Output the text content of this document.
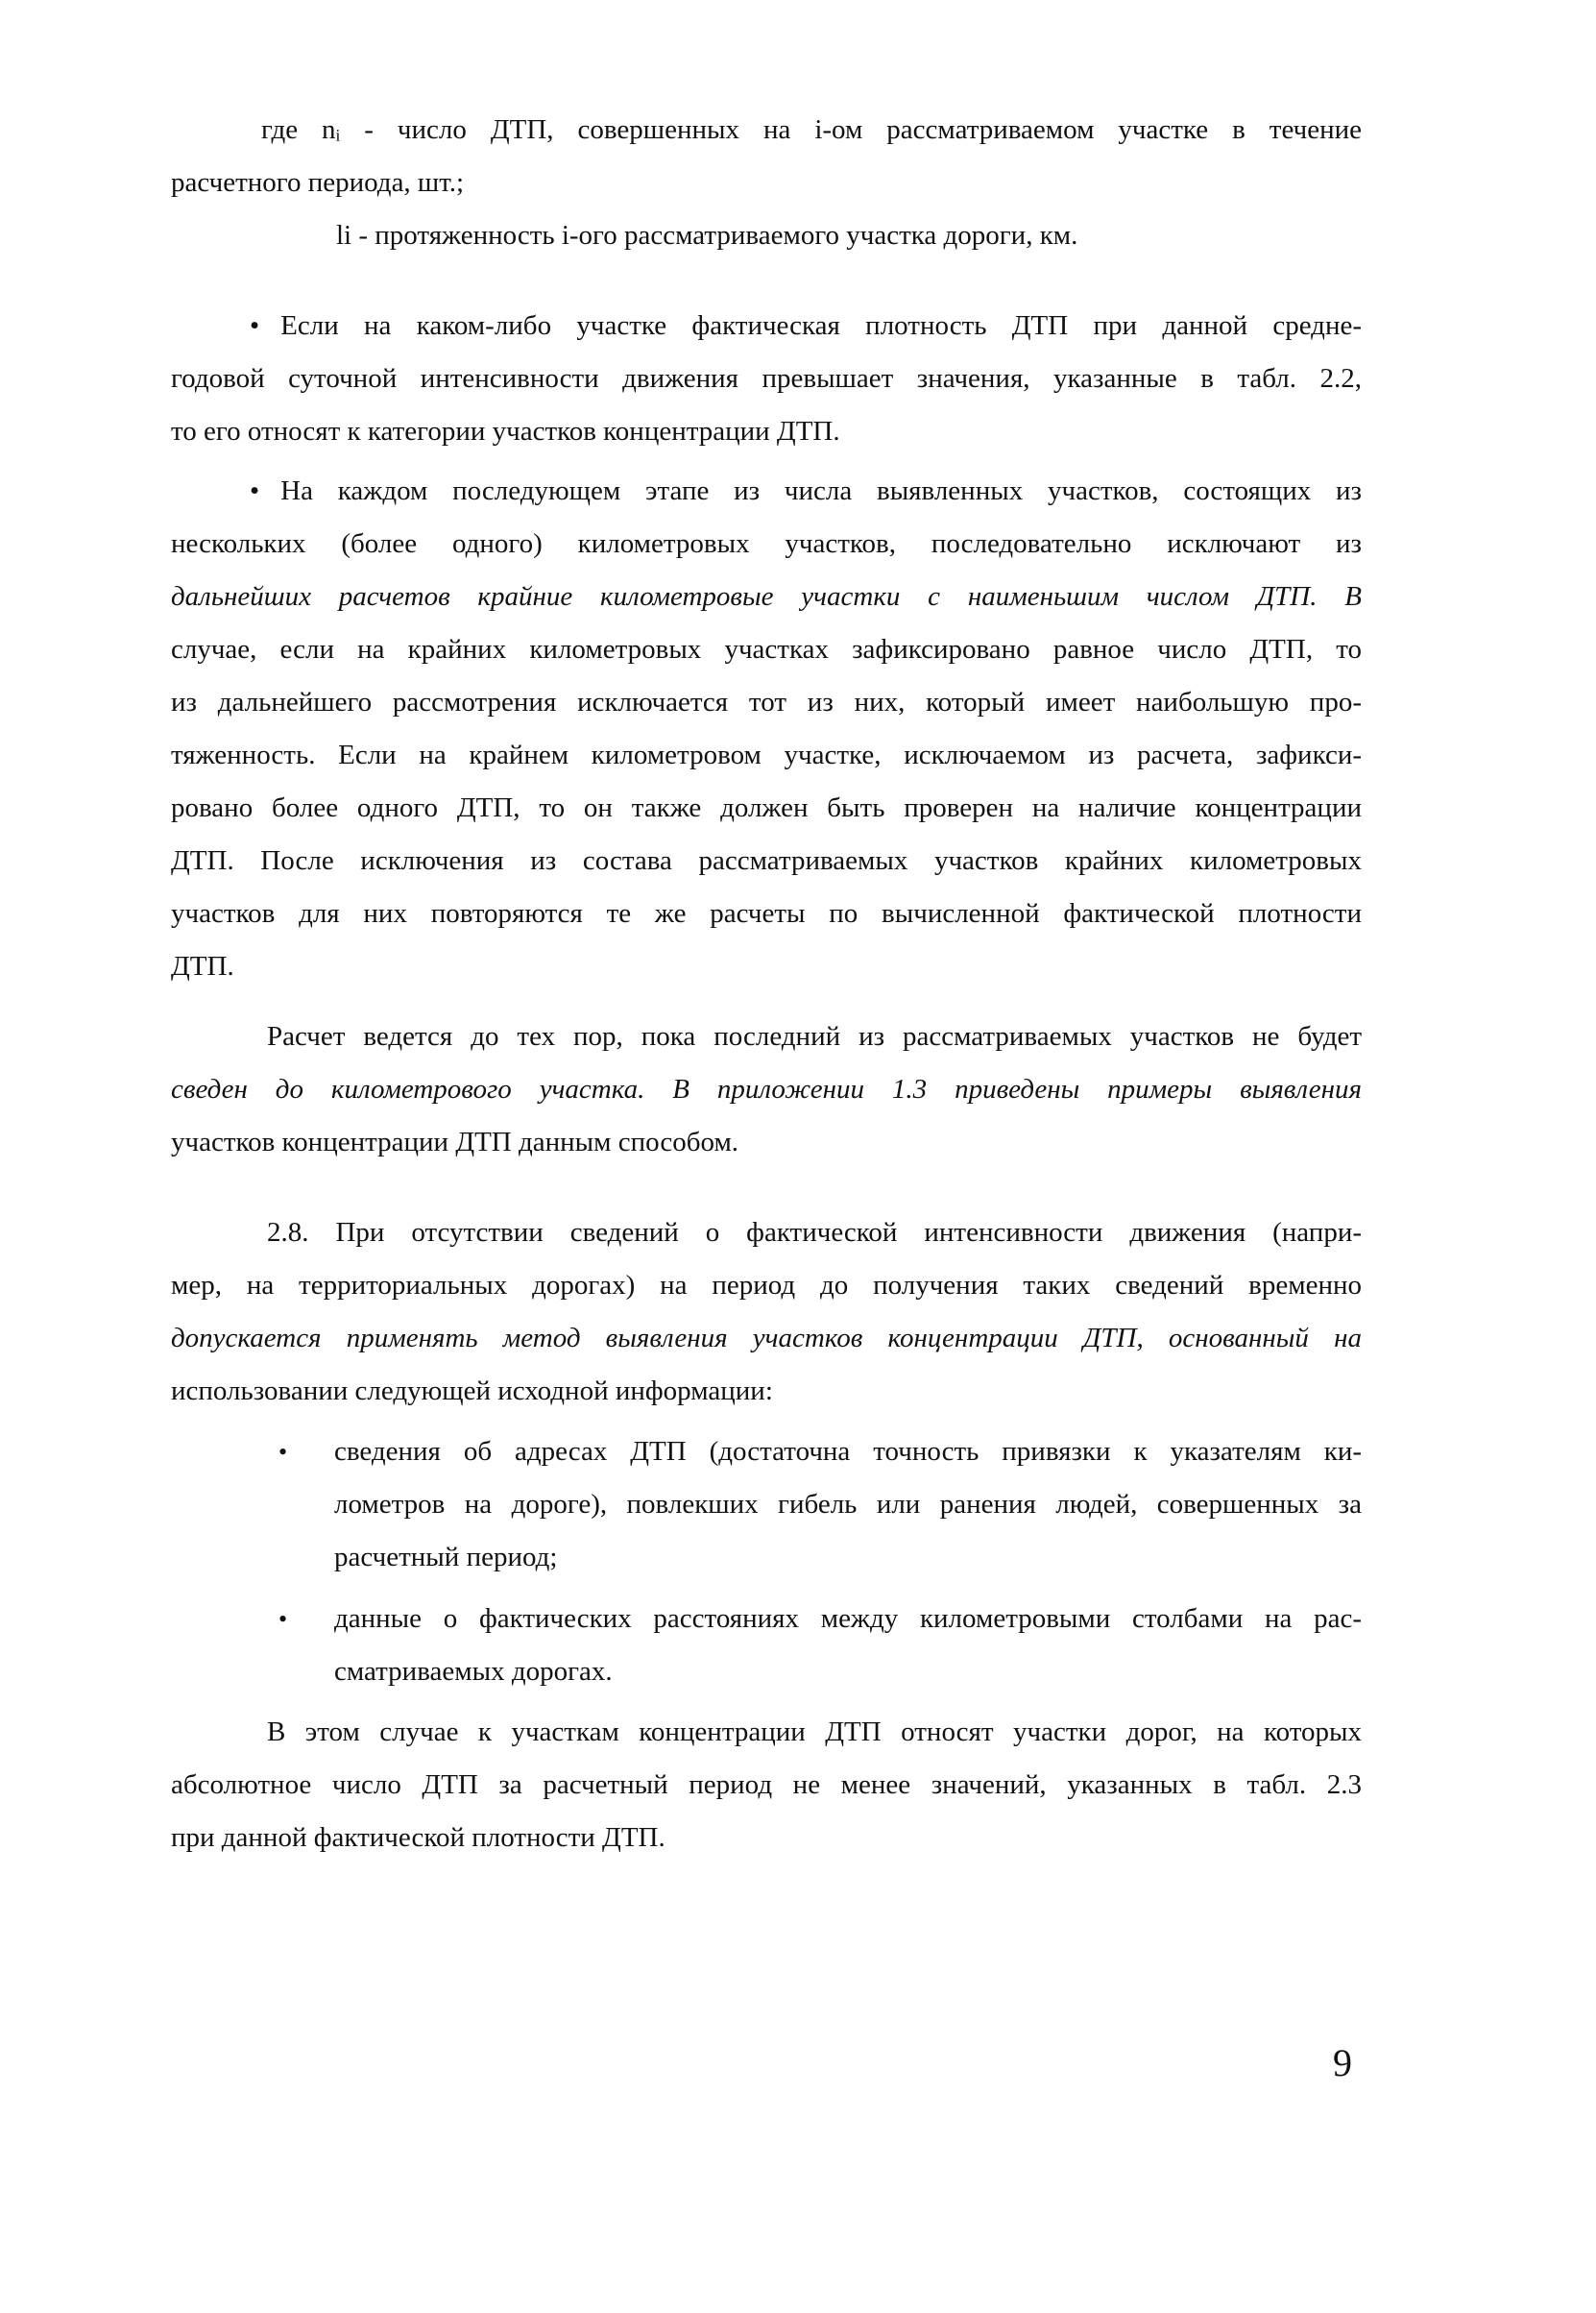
где nᵢ - число ДТП, совершенных на i-ом рассматриваемом участке в течение
расчетного периода, шт.;
li - протяженность i-ого рассматриваемого участка дороги, км.
• Если на каком-либо участке фактическая плотность ДТП при данной средне-
годовой суточной интенсивности движения превышает значения, указанные в табл. 2.2,
то его относят к категории участков концентрации ДТП.
• На каждом последующем этапе из числа выявленных участков, состоящих из
нескольких (более одного) километровых участков, последовательно исключают из
дальнейших расчетов крайние километровые участки с наименьшим числом ДТП. В
случае, если на крайних километровых участках зафиксировано равное число ДТП, то
из дальнейшего рассмотрения исключается тот из них, который имеет наибольшую про-
тяженность. Если на крайнем километровом участке, исключаемом из расчета, зафикси-
ровано более одного ДТП, то он также должен быть проверен на наличие концентрации
ДТП. После исключения из состава рассматриваемых участков крайних километровых
участков для них повторяются те же расчеты по вычисленной фактической плотности
ДТП.
Расчет ведется до тех пор, пока последний из рассматриваемых участков не будет
сведен до километрового участка. В приложении 1.3 приведены примеры выявления
участков концентрации ДТП данным способом.
2.8. При отсутствии сведений о фактической интенсивности движения (напри-
мер, на территориальных дорогах) на период до получения таких сведений временно
допускается применять метод выявления участков концентрации ДТП, основанный на
использовании следующей исходной информации:
• сведения об адресах ДТП (достаточна точность привязки к указателям ки-
лометров на дороге), повлекших гибель или ранения людей, совершенных за
расчетный период;
• данные о фактических расстояниях между километровыми столбами на рас-
сматриваемых дорогах.
В этом случае к участкам концентрации ДТП относят участки дорог, на которых
абсолютное число ДТП за расчетный период не менее значений, указанных в табл. 2.3
при данной фактической плотности ДТП.
9
